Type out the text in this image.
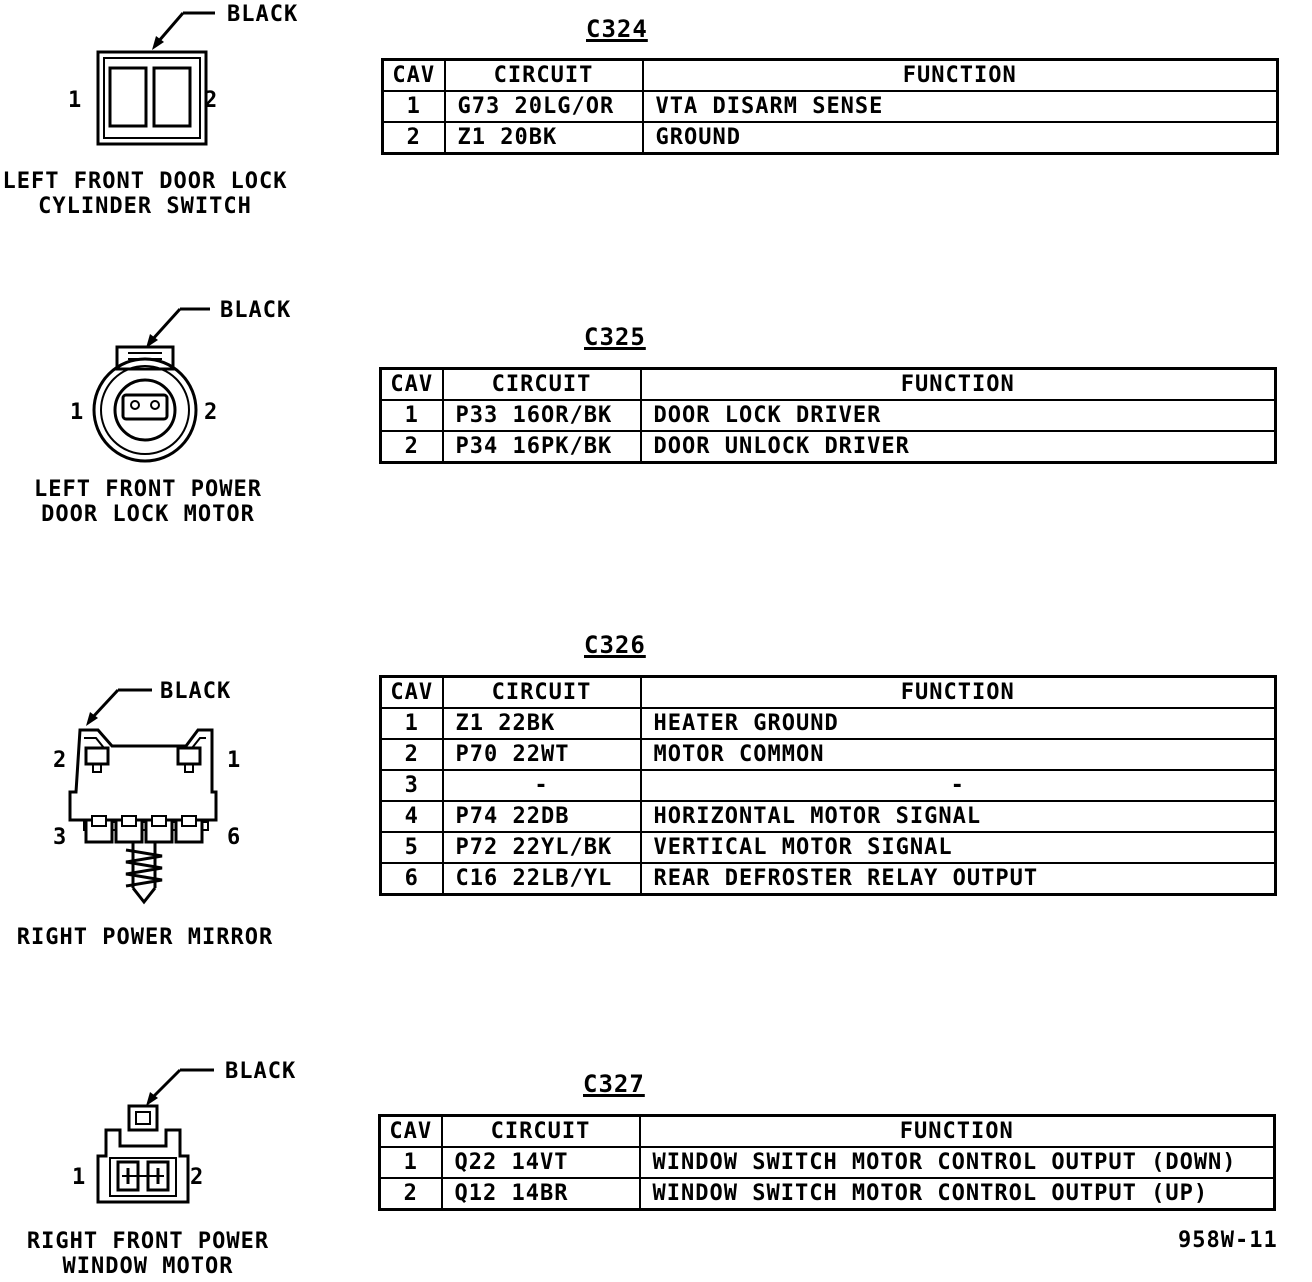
BLACK
1	2
LEFT FRONT DOOR LOCK
CYLINDER SWITCH
C324
CAV	CIRCUIT	FUNCTION
1	G73 20LG/OR	VTA DISARM SENSE
2	Z1 20BK	GROUND
BLACK
1	2
LEFT FRONT POWER
DOOR LOCK MOTOR
C325
CAV	CIRCUIT	FUNCTION
1	P33 16OR/BK	DOOR LOCK DRIVER
2	P34 16PK/BK	DOOR UNLOCK DRIVER
BLACK
2	1
3	6
RIGHT POWER MIRROR
C326
CAV	CIRCUIT	FUNCTION
1	Z1 22BK	HEATER GROUND
2	P70 22WT	MOTOR COMMON
3	-	-
4	P74 22DB	HORIZONTAL MOTOR SIGNAL
5	P72 22YL/BK	VERTICAL MOTOR SIGNAL
6	C16 22LB/YL	REAR DEFROSTER RELAY OUTPUT
BLACK
1	2
RIGHT FRONT POWER
WINDOW MOTOR
C327
CAV	CIRCUIT	FUNCTION
1	Q22 14VT	WINDOW SWITCH MOTOR CONTROL OUTPUT (DOWN)
2	Q12 14BR	WINDOW SWITCH MOTOR CONTROL OUTPUT (UP)
958W-11
